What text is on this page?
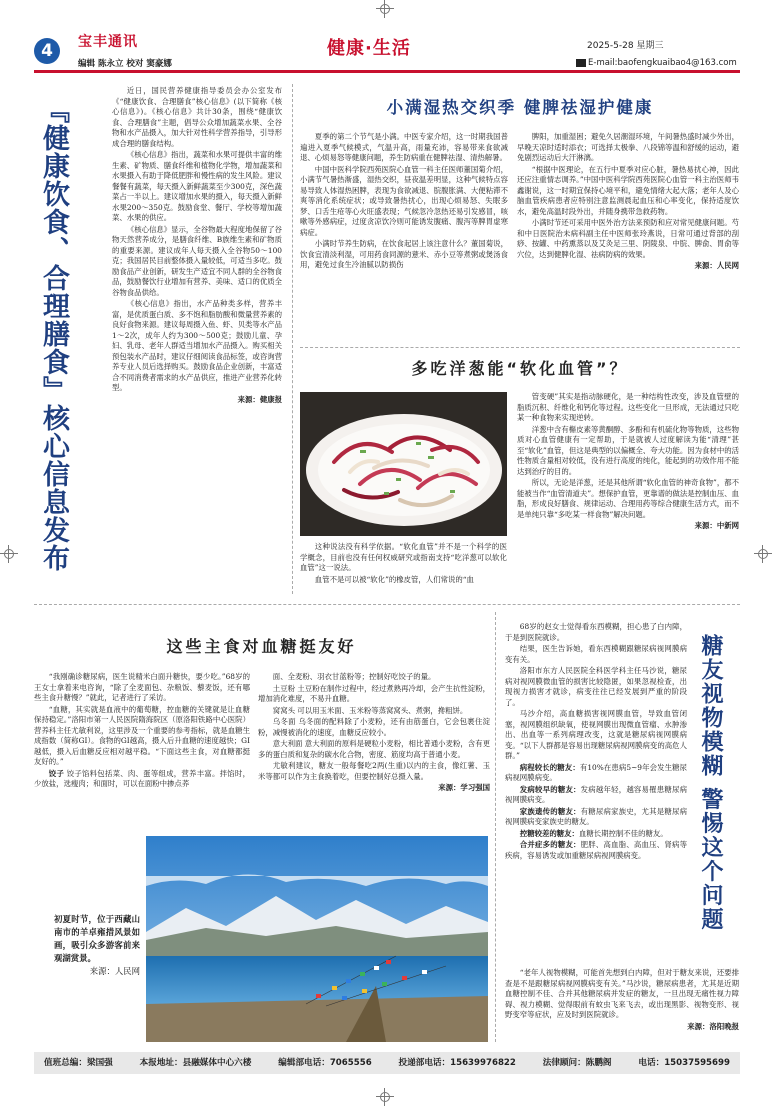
4	宝丰通讯
编辑 陈永立 校对 窦豪娜
健康·生活	2025-5-28 星期三
E-mail:baofengkuaibao4@163.com
『健康饮食、合理膳食』核心信息发布

近日，国民营养健康指导委员会办公室发布《“健康饮食、合理膳食”核心信息》(以下简称《核心信息》)。《核心信息》共计30条，围绕“健康饮食、合理膳食”主题，倡导公众增加蔬菜水果、全谷物和水产品摄入，加大针对性科学营养指导，引导形成合理的膳食结构。

《核心信息》指出，蔬菜和水果可提供丰富的维生素、矿物质、膳食纤维和植物化学物，增加蔬菜和水果摄入有助于降低肥胖和慢性病的发生风险。建议餐餐有蔬菜，每天摄入新鲜蔬菜至少300克，深色蔬菜占一半以上。建议增加水果的摄入，每天摄入新鲜水果200～350克。鼓励食堂、餐厅、学校等增加蔬菜、水果的供应。

《核心信息》显示，全谷物最大程度地保留了谷物天然营养成分，是膳食纤维、B族维生素和矿物质的重要来源。建议成年人每天摄入全谷物50～100克；我国居民目前整体摄入量较低，可适当多吃。鼓励食品产业创新，研发生产适宜不同人群的全谷物食品，鼓励餐饮行业增加有营养、美味、适口的优质全谷物食品供给。

《核心信息》指出，水产品种类多样，营养丰富，是优质蛋白质、多不饱和脂肪酸和微量营养素的良好食物来源。建议每周摄入鱼、虾、贝类等水产品1～2次，成年人约为300～500克；鼓励儿童、孕妇、乳母、老年人群适当增加水产品摄入。购买相关预包装水产品时，建议仔细阅读食品标签，或咨询营养专业人员后选择购买。鼓励食品企业创新，丰富适合不同消费者需求的水产品供应，推进产业营养化转型。

来源：健康报
小满湿热交织季 健脾祛湿护健康

夏季的第二个节气是小满。中医专家介绍，这一时期我国普遍进入夏季气候模式，气温升高，雨量充沛，容易带来食欲减退、心烦易怒等健康问题，养生防病重在健脾祛湿、清热解暑。

中国中医科学院西苑医院心血管一科主任医师董国菊介绍，小满节气暑热渐盛，湿热交织，昼夜温差明显，这种气候特点容易导致人体湿热困脾，表现为食欲减退、脘腹胀满、大便粘滞不爽等消化系统症状；或导致暑热扰心，出现心烦易怒、失眠多梦、口舌生疮等心火旺盛表现；气候忽冷忽热还易引发感冒，咳嗽等外感病症，过度贪凉饮冷则可能诱发腹痛、腹泻等脾胃虚寒病症。

小满时节养生防病，在饮食起居上该注意什么？董国菊说，饮食宜清淡利湿，可用药食同源的薏米、赤小豆等煮粥或煲汤食用，避免过食生冷油腻以防损伤

脾阳，加重湿困；避免久居潮湿环境，午间暑热盛时减少外出，早晚天凉时适时添衣；可选择太极拳、八段锦等温和舒缓的运动，避免剧烈运动后大汗淋漓。

“根据中医理论，在五行中夏季对应心脏，暑热易扰心神，因此还应注重情志调养。”中国中医科学院西苑医院心血管一科主治医师韦鑫谢说，这一时期宜保持心境平和，避免情绪大起大落；老年人及心脑血管疾病患者应特别注意监测晨起血压和心率变化，保持适度饮水，避免高温时段外出，并随身携带急救药物。

小满时节还可采用中医外治方法来预防和应对常见健康问题。芍和中日医院治未病科副主任中医师张玲燕说，日常可通过背部的刮痧、按罐、中药熏蒸以及艾灸足三里、阴陵泉、中脘、脾俞、胃俞等穴位，达到健脾化湿、祛病防病的效果。

来源：人民网
多吃洋葱能“软化血管”？

这种说法没有科学依据。“软化血管”并不是一个科学的医学概念，目前也没有任何权威研究或指南支持“吃洋葱可以软化血管”这一说法。

血管不是可以被“软化”的橡皮管，人们常说的“血

管变硬”其实是指动脉硬化，是一种结构性改变，涉及血管壁的脂质沉积、纤维化和钙化等过程。这些变化一旦形成，无法通过只吃某一种食物来实现逆转。

洋葱中含有槲皮素等黄酮醇、多酚和有机硫化物等物质，这些物质对心血管健康有一定帮助，于是就被人过度解读为能“清理”甚至“软化”血管，但这是典型的以偏概全、夸大功能。因为食材中的活性物质含量相对较低，没有进行高度的纯化，能起到的功效作用不能达到治疗的目的。

所以，无论是洋葱，还是其他所谓“软化血管的神奇食物”，都不能被当作“血管清道夫”。想保护血管，更靠谱的做法是控制血压、血脂，形成良好膳食、规律运动、合理用药等综合健康生活方式，而不是单纯只靠“多吃某一样食物”解决问题。

来源：中新网
这些主食对血糖挺友好

“我刚确诊糖尿病，医生说精米白面升糖快，要少吃。”68岁的王女士拿着来电咨询，“除了全麦面包、杂粮饭、藜麦饭，还有哪些主食升糖慢？”就此，记者进行了采访。

“血糖，其实就是血液中的葡萄糖，控血糖的关键就是让血糖保持稳定。”洛阳市第一人民医院隋海院区（原洛阳铁路中心医院）营养科主任尤敏利说，这里涉及一个重要的参考指标，就是血糖生成指数（简称GI）。食物的GI越高，摄入后升血糖的速度越快；GI越低，摄入后血糖反应相对越平稳。“下面这些主食，对血糖都挺友好的。”

饺子 饺子馅料包括菜、肉、蛋等组成，营养丰富。拌馅时，少放盐，选瘦肉；和面时，可以在面粉中掺点荞

面、全麦粉、羽衣甘蓝粉等；控制好吃饺子的量。

土豆粉 土豆粉在制作过程中，经过煮熟再冷却，会产生抗性淀粉，增加消化难度，不易升血糖。

窝窝头 可以用玉米面、玉米粉等蒸窝窝头、煮粥，搀粗饼。

乌冬面 乌冬面的配料除了小麦粉，还有由筋蛋白，它会包裹住淀粉，减慢被消化的速度，血糖反应较小。

意大利面 意大利面的原料是硬粒小麦粉，相比普通小麦粉，含有更多的蛋白质和复杂的碳水化合物，密度、筋度均高于普通小麦。

尤敏利建议，糖友一般每餐吃2两(生重)以内的主食，像红薯、玉米等都可以作为主食换着吃，但要控制好总摄入量。

来源：学习强国
初夏时节，位于西藏山南市的羊卓雍措风景如画，吸引众多游客前来观湖赏景。
来源：人民网

68岁的赵女士觉得看东西模糊，担心患了白内障，于是到医院就诊。

结果，医生告诉她，看东西模糊跟糖尿病视网膜病变有关。

洛阳市东方人民医院全科医学科主任马沙说，糖尿病对视网膜微血管的损害比较隐匿，如果忽视检查，出现视力损害才就诊，病变往往已经发展到严重的阶段了。

马沙介绍，高血糖损害视网膜血管，导致血管闭塞，视网膜组织缺氧，使视网膜出现微血管瘤、水肿渗出、出血等一系列病理改变，这就是糖尿病视网膜病变。“以下人群都是容易出现糖尿病视网膜病变的高危人群。”

病程较长的糖友：有10%在患病5~9年会发生糖尿病视网膜病变。

发病较早的糖友：发病越年轻，越容易罹患糖尿病视网膜病变。

家族遗传的糖友：有糖尿病家族史，尤其是糖尿病视网膜病变家族史的糖友。

控糖较差的糖友：血糖长期控制不佳的糖友。

合并症多的糖友：肥胖、高血脂、高血压、肾病等疾病，容易诱发或加重糖尿病视网膜病变。	糖友视物模糊 警惕这个问题

“老年人视物模糊，可能首先想到白内障，但对于糖友来说，还要排查是不是跟糖尿病视网膜病变有关。”马沙说，糖尿病患者，尤其是近期血糖控制不佳、合并其他糖尿病并发症的糖友，一旦出现无痛性视力障碍、视力模糊、觉得眼前有蚊虫飞来飞去，或出现黑影、视物变形、视野变窄等症状，应及时到医院就诊。

来源：洛阳晚报
值班总编：梁国强	本报地址：县融媒体中心六楼	编辑部电话：7065556	投递部电话：15639976822	法律顾问：陈鹏阁	电话：15037595699
